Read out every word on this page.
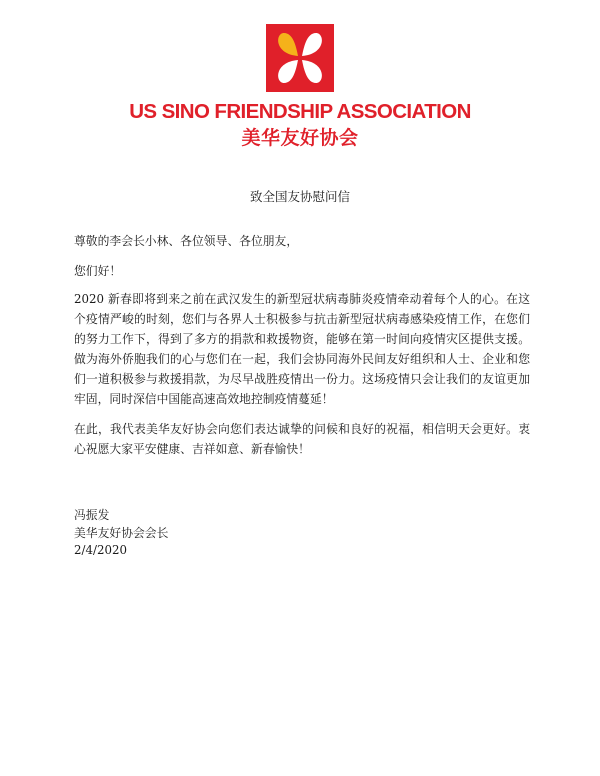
US SINO FRIENDSHIP ASSOCIATION
美华友好协会
致全国友协慰问信

尊敬的李会长小林、各位领导、各位朋友，

您们好！

2020 新春即将到来之前在武汉发生的新型冠状病毒肺炎疫情牵动着每个人的心。在这个疫情严峻的时刻，您们与各界人士积极参与抗击新型冠状病毒感染疫情工作，在您们的努力工作下，得到了多方的捐款和救援物资，能够在第一时间向疫情灾区提供支援。做为海外侨胞我们的心与您们在一起，我们会协同海外民间友好组织和人士、企业和您们一道积极参与救援捐款，为尽早战胜疫情出一份力。这场疫情只会让我们的友谊更加牢固，同时深信中国能高速高效地控制疫情蔓延！

在此，我代表美华友好协会向您们表达诚挚的问候和良好的祝福，相信明天会更好。衷心祝愿大家平安健康、吉祥如意、新春愉快！

冯振发

美华友好协会会长

2/4/2020
